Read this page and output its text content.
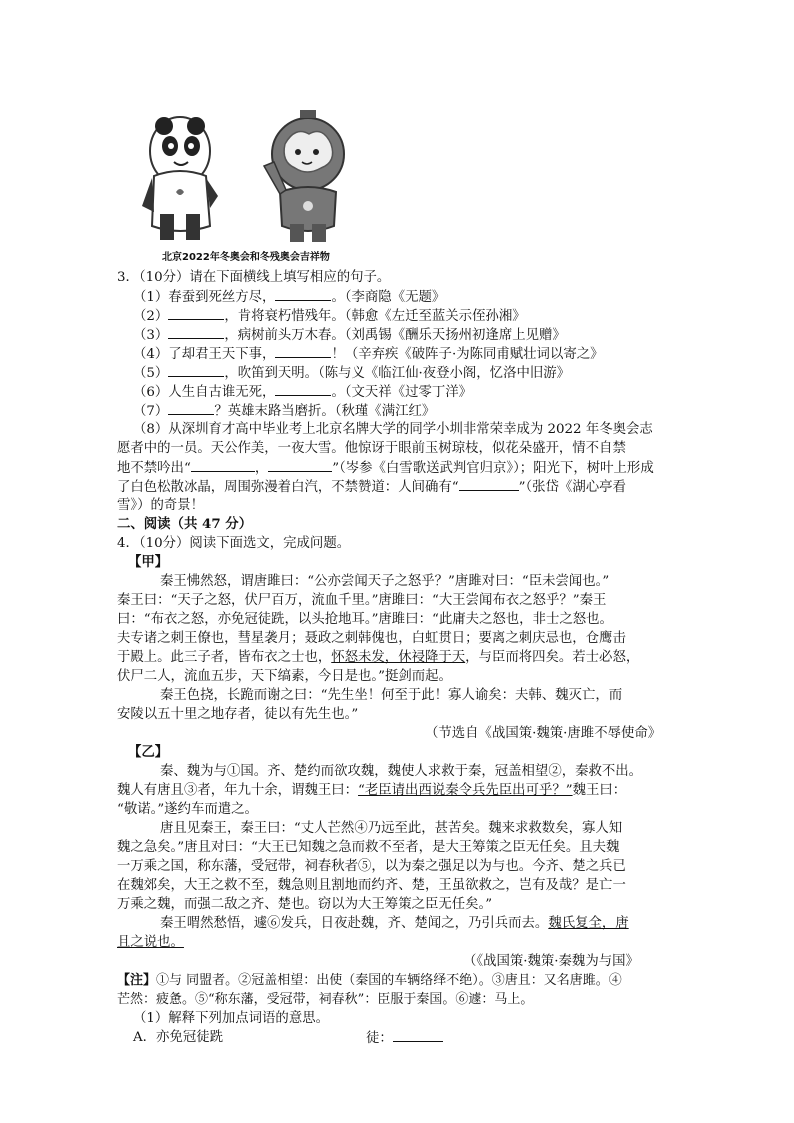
北京2022年冬奥会和冬残奥会吉祥物
3．（10分）请在下面横线上填写相应的句子。
（1）春蚕到死丝方尽，	。（李商隐《无题》
（2）	，肯将衰朽惜残年。（韩愈《左迁至蓝关示侄孙湘》
（3）	，病树前头万木春。（刘禹锡《酬乐天扬州初逢席上见赠》
（4）了却君王天下事，	！（辛弃疾《破阵子·为陈同甫赋壮词以寄之》
（5）	，吹笛到天明。（陈与义《临江仙·夜登小阁，忆洛中旧游》
（6）人生自古谁无死，	。（文天祥《过零丁洋》
（7）	？英雄末路当磨折。（秋瑾《满江红》
（8）从深圳育才高中毕业考上北京名牌大学的同学小圳非常荣幸成为 2022 年冬奥会志
愿者中的一员。天公作美，一夜大雪。他惊讶于眼前玉树琼枝，似花朵盛开，情不自禁
地不禁吟出“	，	”（岑参《白雪歌送武判官归京》）；阳光下，树叶上形成
了白色松散冰晶，周围弥漫着白汽，不禁赞道：人间确有“	”（张岱《湖心亭看
雪》）的奇景！
二、阅读（共 47 分）
4．（10分）阅读下面选文，完成问题。
【甲】
秦王怫然怒，谓唐雎曰：“公亦尝闻天子之怒乎？”唐雎对曰：“臣未尝闻也。”
秦王曰：“天子之怒，伏尸百万，流血千里。”唐雎曰：“大王尝闻布衣之怒乎？”秦王
曰：“布衣之怒，亦免冠徒跣，以头抢地耳。”唐雎曰：“此庸夫之怒也，非士之怒也。
夫专诸之刺王僚也，彗星袭月；聂政之刺韩傀也，白虹贯日；要离之刺庆忌也，仓鹰击
于殿上。此三子者，皆布衣之士也，怀怒未发，休祲降于天，与臣而将四矣。若士必怒，
伏尸二人，流血五步，天下缟素，今日是也。”挺剑而起。
秦王色挠，长跪而谢之曰：“先生坐！何至于此！寡人谕矣：夫韩、魏灭亡，而
安陵以五十里之地存者，徒以有先生也。”
（节选自《战国策·魏策·唐雎不辱使命》
【乙】
秦、魏为与①国。齐、楚约而欲攻魏，魏使人求救于秦，冠盖相望②，秦救不出。
魏人有唐且③者，年九十余，谓魏王曰：“老臣请出西说秦令兵先臣出可乎？”魏王曰：
“敬诺。”遂约车而遣之。
唐且见秦王，秦王曰：“丈人芒然④乃远至此，甚苦矣。魏来求救数矣，寡人知
魏之急矣。”唐且对曰：“大王已知魏之急而救不至者，是大王筹策之臣无任矣。且夫魏
一万乘之国，称东藩，受冠带，祠春秋者⑤，以为秦之强足以为与也。今齐、楚之兵已
在魏郊矣，大王之救不至，魏急则且割地而约齐、楚，王虽欲救之，岂有及哉？是亡一
万乘之魏，而强二敌之齐、楚也。窃以为大王筹策之臣无任矣。”
秦王喟然愁悟，遽⑥发兵，日夜赴魏，齐、楚闻之，乃引兵而去。魏氏复全，唐
且之说也。
（《战国策·魏策·秦魏为与国》
【注】①与 同盟者。②冠盖相望：出使（秦国的车辆络绎不绝）。③唐且：又名唐雎。④
芒然：疲惫。⑤“称东藩，受冠带，祠春秋”：臣服于秦国。⑥遽：马上。
（1）解释下列加点词语的意思。
A．亦免冠徒跣	徒：
